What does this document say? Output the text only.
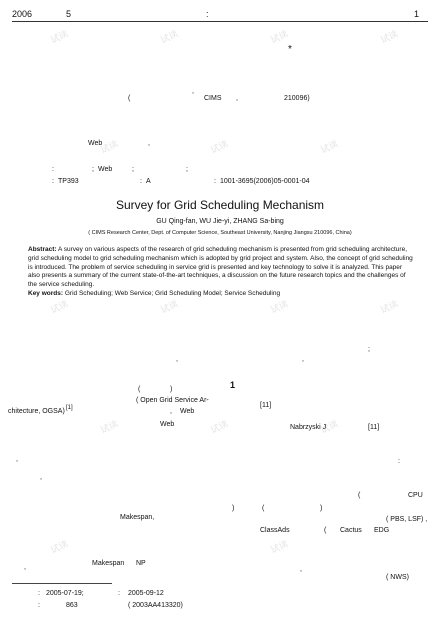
试读	试读	试读	试读
试读	试读	试读
试读	试读	试读	试读
试读	试读	试读
试读	试读
2006	5	:	1
*
(
,
CIMS ,	210096)
Web	,
:	; Web	;	;
: TP393	: A	: 1001-3695(2006)05-0001-04
Survey for Grid Scheduling Mechanism
GU Qing-fan, WU Jie-yi, ZHANG Sa-bing
( CIMS Research Center, Dept. of Computer Science, Southeast University, Nanjing Jiangsu 210096, China)
Abstract: A survey on various aspects of the research of grid scheduling mechanism is presented from grid scheduling architecture, grid scheduling model to grid scheduling mechanism which is adopted by grid project and system. Also, the concept of grid scheduling is introduced. The problem of service scheduling in service grid is presented and key technology to solve it is analyzed. This paper also presents a summary of the current state-of-the-art techniques, a discussion on the future research topics and the challenges of the service scheduling.
Key words: Grid Scheduling; Web Service; Grid Scheduling Model; Service Scheduling
;
,	,
(	)	1
( Open Grid Service Ar-
chitecture, OGSA) [1]	, Web
[11]
Web	Nabrzyski J	[11]
,	:
,
(	CPU
)	(	)
Makespan,	( PBS, LSF) ,
ClassAds	( Cactus EDG
,
Makespan NP
,
( NWS)
: 2005-07-19;	: 2005-09-12
:	863	( 2003AA413320)
